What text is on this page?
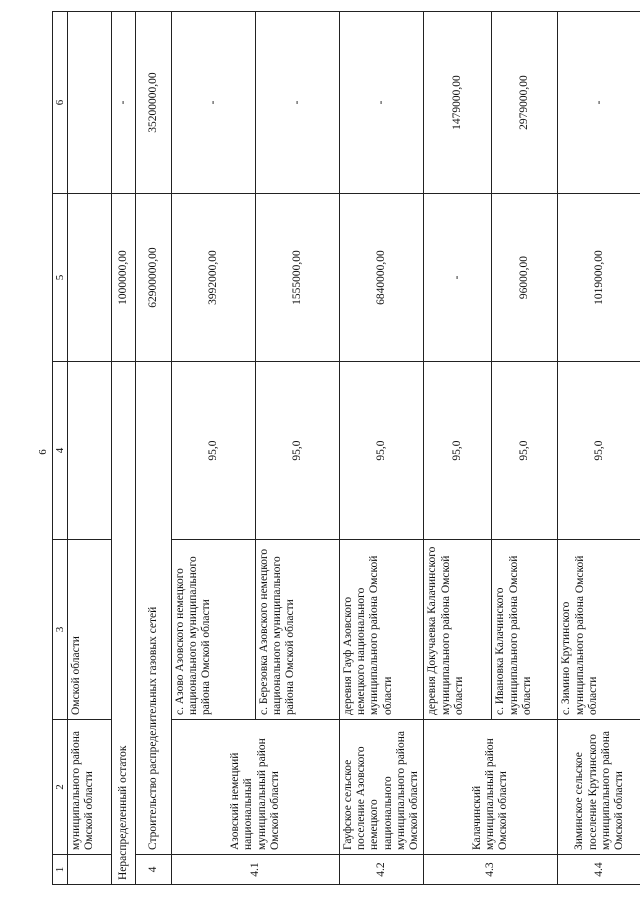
6
1	2	3	4	5	6
	муниципального района Омской области	Омской области			
Нераспределенный остаток				1000000,00	-
4	Строительство распределительных газовых сетей			62900000,00	35200000,00
4.1	Азовский немецкий национальный муниципальный район Омской области	с. Азово Азовского немецкого национального муниципального района Омской области	95,0	3992000,00	-
		с. Березовка Азовского немецкого национального муниципального района Омской области	95,0	1555000,00	-
4.2	Гауфское сельское поселение Азовского немецкого национального муниципального района Омской области	деревня Гауф Азовского немецкого национального муниципального района Омской области	95,0	6840000,00	-
4.3	Калачинский муниципальный район Омской области	деревня Докучаевка Калачинского муниципального района Омской области	95,0	-	1479000,00
		с. Ивановка Калачинского муниципального района Омской области	95,0	96000,00	2979000,00
4.4	Зиминское сельское поселение Крутинского муниципального района Омской области	с. Зимино Крутинского муниципального района Омской области	95,0	1019000,00	-
